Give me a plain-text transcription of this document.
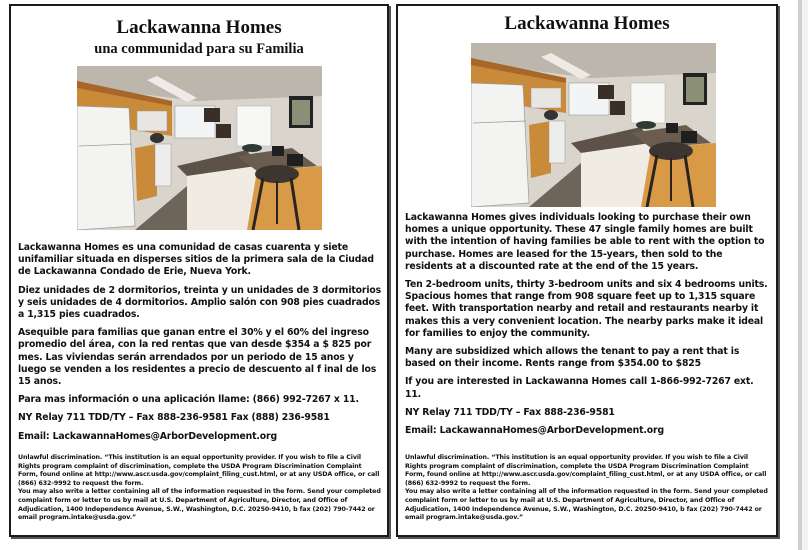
Lackawanna Homes
una communidad para su Familia

Lackawanna Homes es una comunidad de casas cuarenta y siete unifamiliar situada en disperses sitios de la primera sala de la Ciudad de Lackawanna Condado de Erie, Nueva York.

Diez unidades de 2 dormitorios, treinta y un unidades de 3 dormitorios y seis unidades de 4 dormitorios. Amplio salón con 908 pies cuadrados a 1,315 pies cuadrados.

Asequible para familias que ganan entre el 30% y el 60% del ingreso promedio del área, con la red rentas que van desde $354 a $ 825 por mes. Las viviendas serán arrendados por un periodo de 15 anos y luego se venden a los residentes a precio de descuento al f inal de los 15 anos.

Para mas información o una aplicación llame: (866) 992-7267 x 11.

NY Relay 711 TDD/TY – Fax 888-236-9581 Fax (888) 236-9581

Email: LackawannaHomes@ArborDevelopment.org

Unlawful discrimination. “This institution is an equal opportunity provider. If you wish to file a Civil Rights program complaint of discrimination, complete the USDA Program Discrimination Complaint Form, found online at http://www.ascr.usda.gov/complaint_filing_cust.html, or at any USDA office, or call (866) 632-9992 to request the form.

You may also write a letter containing all of the information requested in the form. Send your completed complaint form or letter to us by mail at U.S. Department of Agriculture, Director, and Office of Adjudication, 1400 Independence Avenue, S.W., Washington, D.C. 20250-9410, b fax (202) 790-7442 or email program.intake@usda.gov.”

Lackawanna Homes

Lackawanna Homes gives individuals looking to purchase their own homes a unique opportunity. These 47 single family homes are built with the intention of having families be able to rent with the option to purchase. Homes are leased for the 15-years, then sold to the residents at a discounted rate at the end of the 15 years.

Ten 2-bedroom units, thirty 3-bedroom units and six 4 bedrooms units. Spacious homes that range from 908 square feet up to 1,315 square feet. With transportation nearby and retail and restaurants nearby it makes this a very convenient location. The nearby parks make it ideal for families to enjoy the community.

Many are subsidized which allows the tenant to pay a rent that is based on their income. Rents range from $354.00 to $825

If you are interested in Lackawanna Homes call 1-866-992-7267 ext. 11.

NY Relay 711 TDD/TY – Fax 888-236-9581

Email: LackawannaHomes@ArborDevelopment.org

Unlawful discrimination. “This institution is an equal opportunity provider. If you wish to file a Civil Rights program complaint of discrimination, complete the USDA Program Discrimination Complaint Form, found online at http://www.ascr.usda.gov/complaint_filing_cust.html, or at any USDA office, or call (866) 632-9992 to request the form.

You may also write a letter containing all of the information requested in the form. Send your completed complaint form or letter to us by mail at U.S. Department of Agriculture, Director, and Office of Adjudication, 1400 Independence Avenue, S.W., Washington, D.C. 20250-9410, b fax (202) 790-7442 or email program.intake@usda.gov.”
